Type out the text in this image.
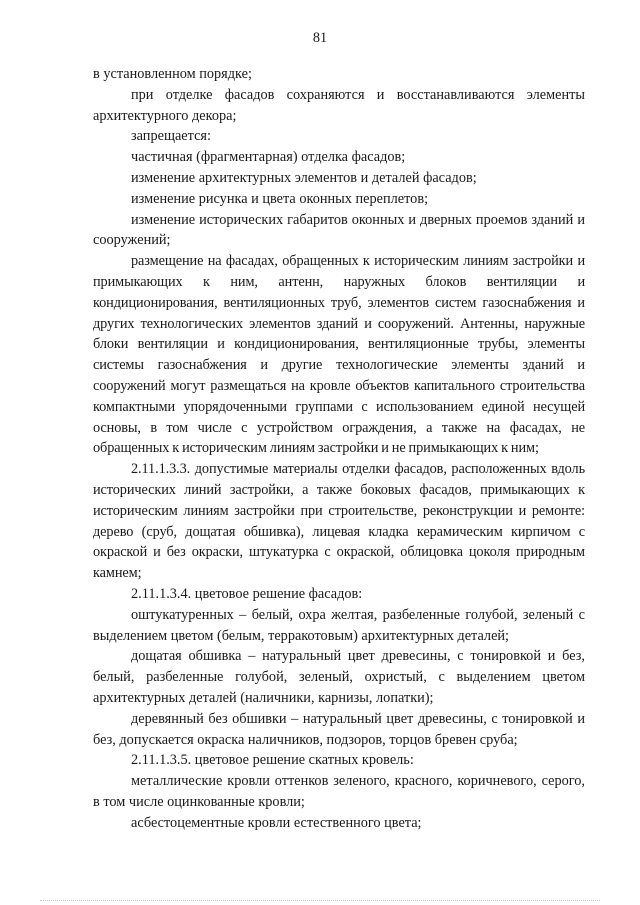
81

в установленном порядке;

при отделке фасадов сохраняются и восстанавливаются элементы архитектурного декора;

запрещается:

частичная (фрагментарная) отделка фасадов;

изменение архитектурных элементов и деталей фасадов;

изменение рисунка и цвета оконных переплетов;

изменение исторических габаритов оконных и дверных проемов зданий и сооружений;

размещение на фасадах, обращенных к историческим линиям застройки и примыкающих к ним, антенн, наружных блоков вентиляции и кондиционирования, вентиляционных труб, элементов систем газоснабжения и других технологических элементов зданий и сооружений. Антенны, наружные блоки вентиляции и кондиционирования, вентиляционные трубы, элементы системы газоснабжения и другие технологические элементы зданий и сооружений могут размещаться на кровле объектов капитального строительства компактными упорядоченными группами с использованием единой несущей основы, в том числе с устройством ограждения, а также на фасадах, не обращенных к историческим линиям застройки и не примыкающих к ним;

2.11.1.3.3. допустимые материалы отделки фасадов, расположенных вдоль исторических линий застройки, а также боковых фасадов, примыкающих к историческим линиям застройки при строительстве, реконструкции и ремонте: дерево (сруб, дощатая обшивка), лицевая кладка керамическим кирпичом с окраской и без окраски, штукатурка с окраской, облицовка цоколя природным камнем;

2.11.1.3.4. цветовое решение фасадов:

оштукатуренных – белый, охра желтая, разбеленные голубой, зеленый с выделением цветом (белым, терракотовым) архитектурных деталей;

дощатая обшивка – натуральный цвет древесины, с тонировкой и без, белый, разбеленные голубой, зеленый, охристый, с выделением цветом архитектурных деталей (наличники, карнизы, лопатки);

деревянный без обшивки – натуральный цвет древесины, с тонировкой и без, допускается окраска наличников, подзоров, торцов бревен сруба;

2.11.1.3.5. цветовое решение скатных кровель:

металлические кровли оттенков зеленого, красного, коричневого, серого, в том числе оцинкованные кровли;

асбестоцементные кровли естественного цвета;
